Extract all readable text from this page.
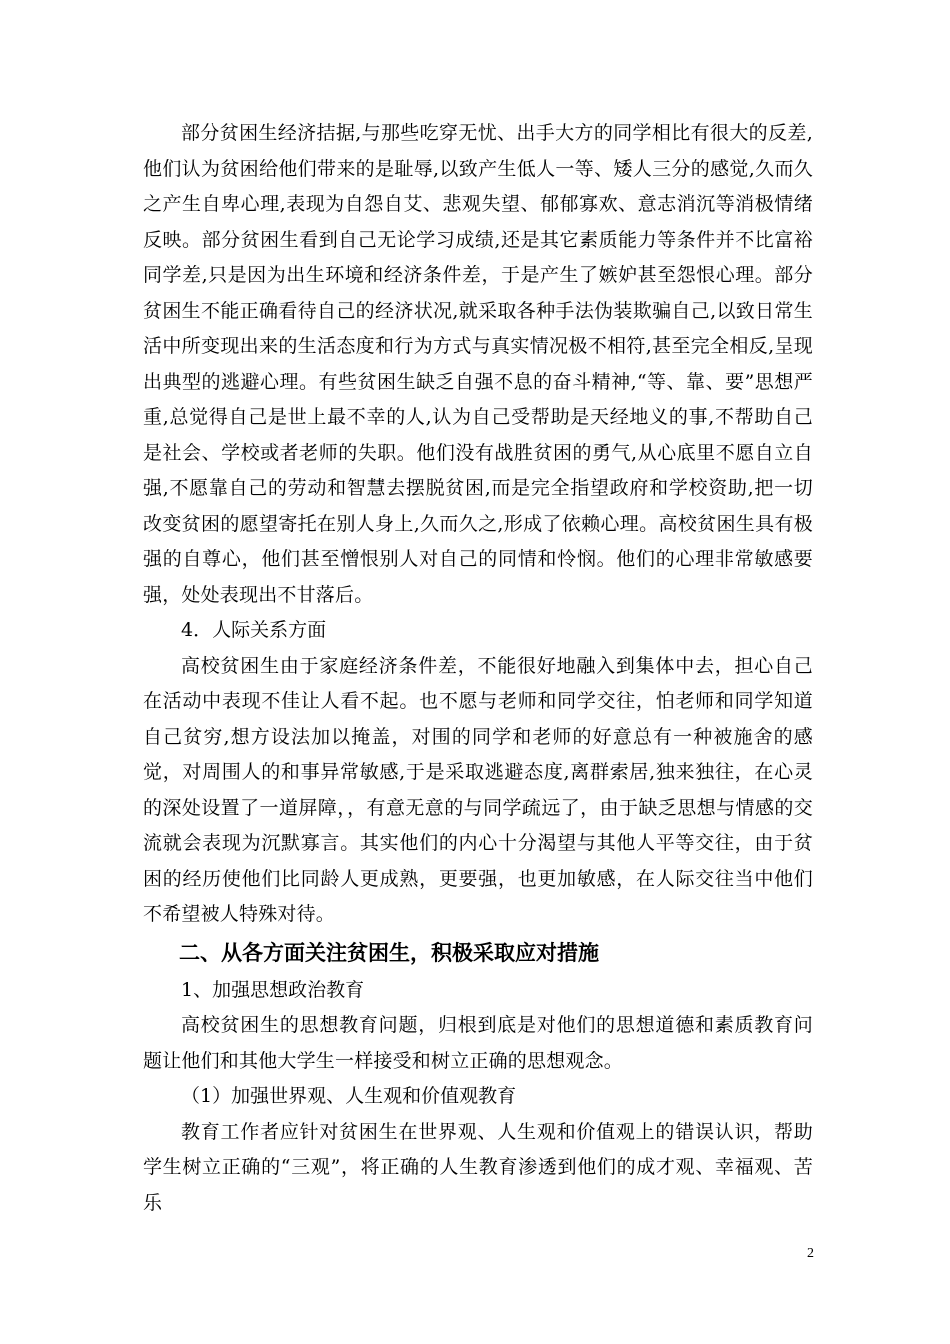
部分贫困生经济拮据,与那些吃穿无忧、出手大方的同学相比有很大的反差,他们认为贫困给他们带来的是耻辱,以致产生低人一等、矮人三分的感觉,久而久之产生自卑心理,表现为自怨自艾、悲观失望、郁郁寡欢、意志消沉等消极情绪反映。部分贫困生看到自己无论学习成绩,还是其它素质能力等条件并不比富裕同学差,只是因为出生环境和经济条件差，于是产生了嫉妒甚至怨恨心理。部分贫困生不能正确看待自己的经济状况,就采取各种手法伪装欺骗自己,以致日常生活中所变现出来的生活态度和行为方式与真实情况极不相符,甚至完全相反,呈现出典型的逃避心理。有些贫困生缺乏自强不息的奋斗精神,“等、靠、要”思想严重,总觉得自己是世上最不幸的人,认为自己受帮助是天经地义的事,不帮助自己是社会、学校或者老师的失职。他们没有战胜贫困的勇气,从心底里不愿自立自强,不愿靠自己的劳动和智慧去摆脱贫困,而是完全指望政府和学校资助,把一切改变贫困的愿望寄托在别人身上,久而久之,形成了依赖心理。高校贫困生具有极强的自尊心，他们甚至憎恨别人对自己的同情和怜悯。他们的心理非常敏感要强，处处表现出不甘落后。

4．人际关系方面

高校贫困生由于家庭经济条件差，不能很好地融入到集体中去，担心自己在活动中表现不佳让人看不起。也不愿与老师和同学交往，怕老师和同学知道自己贫穷,想方设法加以掩盖，对围的同学和老师的好意总有一种被施舍的感觉，对周围人的和事异常敏感,于是采取逃避态度,离群索居,独来独往，在心灵的深处设置了一道屏障，，有意无意的与同学疏远了，由于缺乏思想与情感的交流就会表现为沉默寡言。其实他们的内心十分渴望与其他人平等交往，由于贫困的经历使他们比同龄人更成熟，更要强，也更加敏感，在人际交往当中他们不希望被人特殊对待。

二、从各方面关注贫困生，积极采取应对措施

1、加强思想政治教育

高校贫困生的思想教育问题，归根到底是对他们的思想道德和素质教育问题让他们和其他大学生一样接受和树立正确的思想观念。

（1）加强世界观、人生观和价值观教育

教育工作者应针对贫困生在世界观、人生观和价值观上的错误认识，帮助学生树立正确的“三观”，将正确的人生教育渗透到他们的成才观、幸福观、苦乐

2
